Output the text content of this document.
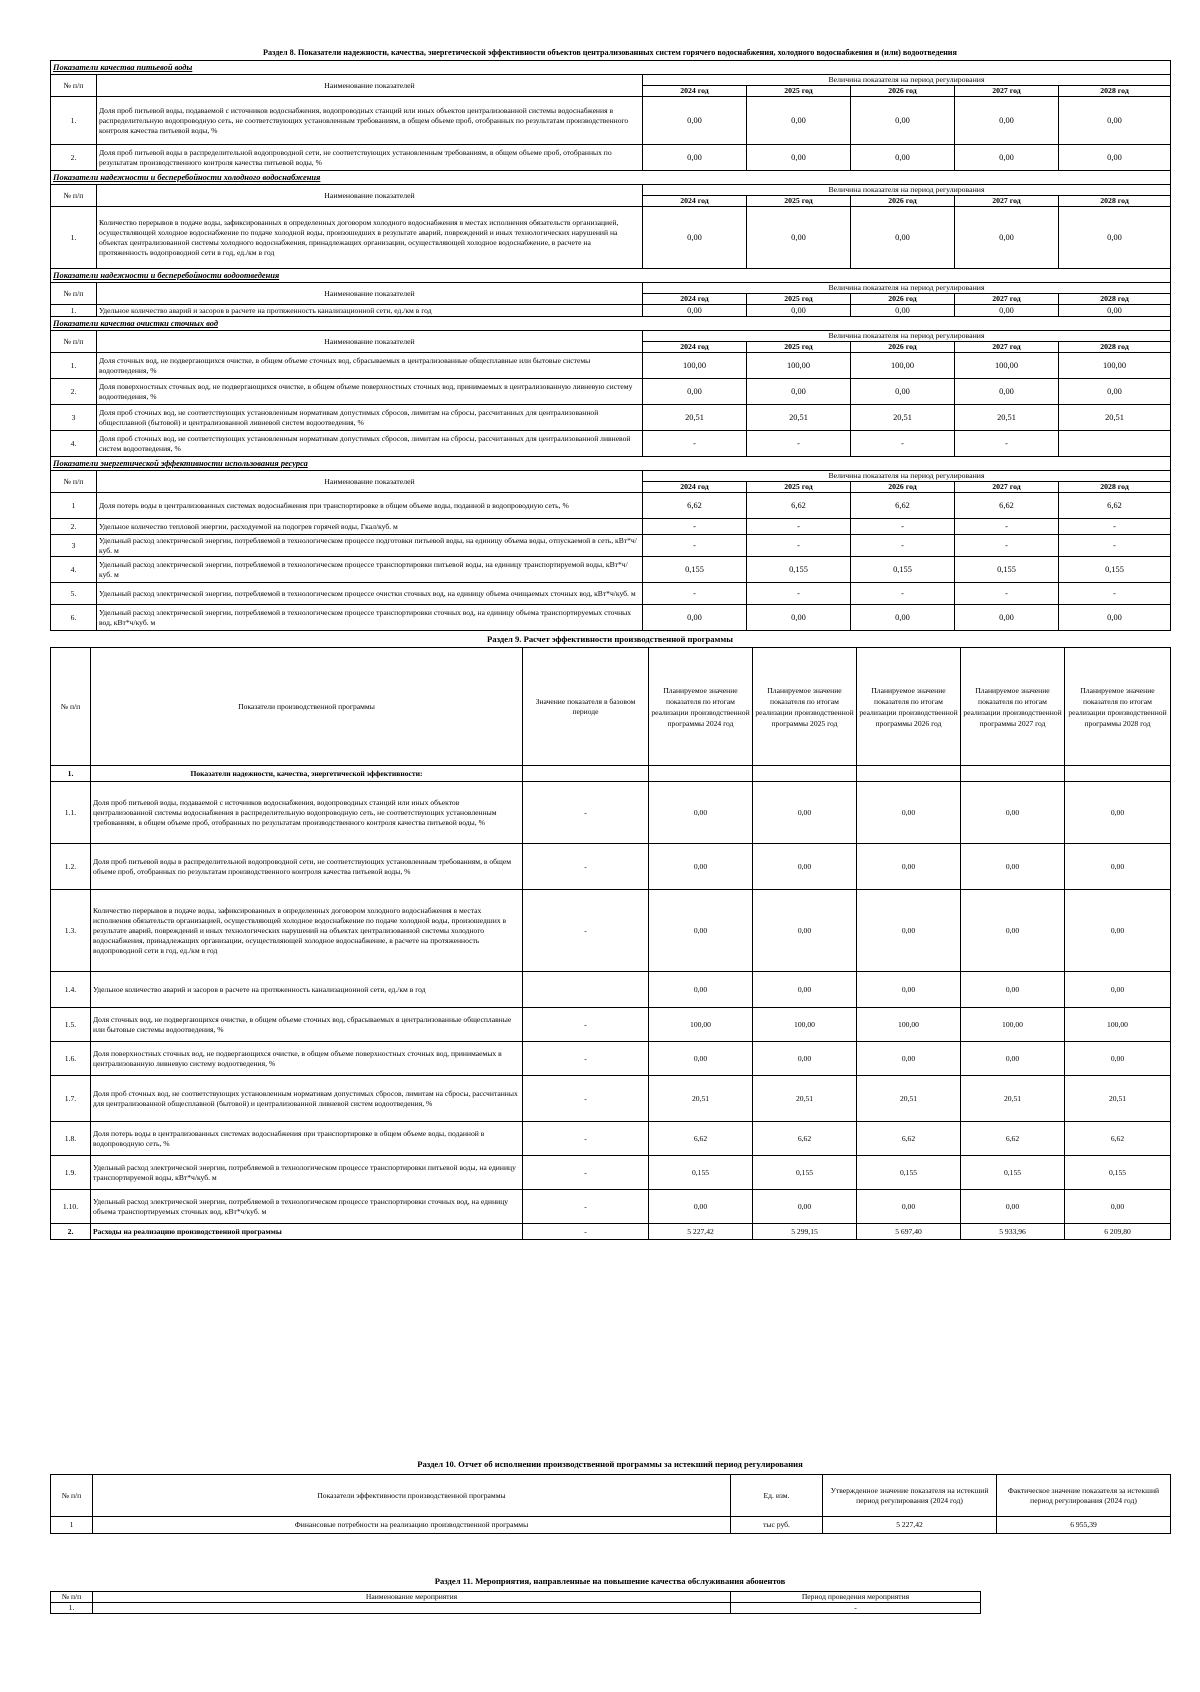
Раздел 8. Показатели надежности, качества, энергетической эффективности объектов централизованных систем горячего водоснабжения, холодного водоснабжения и (или) водоотведения
Показатели качества питьевой воды						
№ п/п	Наименование показателей	Величина показателя на период регулирования				
		2024 год	2025 год	2026 год	2027 год	2028 год
1.	Доля проб питьевой воды, подаваемой с источников водоснабжения, водопроводных станций или иных объектов централизованной системы водоснабжения в распределительную водопроводную сеть, не соответствующих установленным требованиям, в общем объеме проб, отобранных по результатам производственного контроля качества питьевой воды, %	0,00	0,00	0,00	0,00	0,00
2.	Доля проб питьевой воды в распределительной водопроводной сети, не соответствующих установленным требованиям, в общем объеме проб, отобранных по результатам производственного контроля качества питьевой воды, %	0,00	0,00	0,00	0,00	0,00
Показатели надежности и бесперебойности холодного водоснабжения						
№ п/п	Наименование показателей	Величина показателя на период регулирования				
		2024 год	2025 год	2026 год	2027 год	2028 год
1.	Количество перерывов в подаче воды, зафиксированных в определенных договором холодного водоснабжения в местах исполнения обязательств организацией, осуществляющей холодное водоснабжение по подаче холодной воды, произошедших в результате аварий, повреждений и иных технологических нарушений на объектах централизованной системы холодного водоснабжения, принадлежащих организации, осуществляющей холодное водоснабжение, в расчете на протяженность водопроводной сети в год, ед./км в год	0,00	0,00	0,00	0,00	0,00
Показатели надежности и бесперебойности водоотведения						
№ п/п	Наименование показателей	Величина показателя на период регулирования				
		2024 год	2025 год	2026 год	2027 год	2028 год
1.	Удельное количество аварий и засоров в расчете на протяженность канализационной сети, ед./км в год	0,00	0,00	0,00	0,00	0,00
Показатели качества очистки сточных вод						
№ п/п	Наименование показателей	Величина показателя на период регулирования				
		2024 год	2025 год	2026 год	2027 год	2028 год
1.	Доля сточных вод, не подвергающихся очистке, в общем объеме сточных вод, сбрасываемых в централизованные общесплавные или бытовые системы водоотведения, %	100,00	100,00	100,00	100,00	100,00
2.	Доля поверхностных сточных вод, не подвергающихся очистке, в общем объеме поверхностных сточных вод, принимаемых в централизованную ливневую систему водоотведения, %	0,00	0,00	0,00	0,00	0,00
3	Доля проб сточных вод, не соответствующих установленным нормативам допустимых сбросов, лимитам на сбросы, рассчитанных для централизованной общесплавной (бытовой) и централизованной ливневой систем водоотведения, %	20,51	20,51	20,51	20,51	20,51
4.	Доля проб сточных вод, не соответствующих установленным нормативам допустимых сбросов, лимитам на сбросы, рассчитанных для централизованной ливневой систем водоотведения, %	-	-	-	-	
Показатели энергетической эффективности использования ресурса						
№ п/п	Наименование показателей	Величина показателя на период регулирования				
		2024 год	2025 год	2026 год	2027 год	2028 год
1	Доля потерь воды в централизованных системах водоснабжения при транспортировке в общем объеме воды, поданной в водопроводную сеть, %	6,62	6,62	6,62	6,62	6,62
2.	Удельное количество тепловой энергии, расходуемой на подогрев горячей воды, Гкал/куб. м	-	-	-	-	-
3	Удельный расход электрической энергии, потребляемой в технологическом процессе подготовки питьевой воды, на единицу объема воды, отпускаемой в сеть, кВт*ч/куб. м	-	-	-	-	-
4.	Удельный расход электрической энергии, потребляемой в технологическом процессе транспортировки питьевой воды, на единицу транспортируемой воды, кВт*ч/куб. м	0,155	0,155	0,155	0,155	0,155
5.	Удельный расход электрической энергии, потребляемой в технологическом процессе очистки сточных вод, на единицу объема очищаемых сточных вод, кВт*ч/куб. м	-	-	-	-	-
6.	Удельный расход электрической энергии, потребляемой в технологическом процессе транспортировки сточных вод, на единицу объема транспортируемых сточных вод, кВт*ч/куб. м	0,00	0,00	0,00	0,00	0,00
Раздел 9. Расчет эффективности производственной программы
№ п/п	Показатели производственной программы	Значение показателя в базовом периоде	Планируемое значение показателя по итогам реализации производственной программы 2024 год	Планируемое значение показателя по итогам реализации производственной программы 2025 год	Планируемое значение показателя по итогам реализации производственной программы 2026 год	Планируемое значение показателя по итогам реализации производственной программы 2027 год	Планируемое значение показателя по итогам реализации производственной программы 2028 год
1.	Показатели надежности, качества, энергетической эффективности:						
1.1.	Доля проб питьевой воды, подаваемой с источников водоснабжения, водопроводных станций или иных объектов централизованной системы водоснабжения в распределительную водопроводную сеть, не соответствующих установленным требованиям, в общем объеме проб, отобранных по результатам производственного контроля качества питьевой воды, %	-	0,00	0,00	0,00	0,00	0,00
1.2.	Доля проб питьевой воды в распределительной водопроводной сети, не соответствующих установленным требованиям, в общем объеме проб, отобранных по результатам производственного контроля качества питьевой воды, %	-	0,00	0,00	0,00	0,00	0,00
1.3.	Количество перерывов в подаче воды, зафиксированных в определенных договором холодного водоснабжения в местах исполнения обязательств организацией, осуществляющей холодное водоснабжение по подаче холодной воды, произошедших в результате аварий, повреждений и иных технологических нарушений на объектах централизованной системы холодного водоснабжения, принадлежащих организации, осуществляющей холодное водоснабжение, в расчете на протяженность водопроводной сети в год, ед./км в год	-	0,00	0,00	0,00	0,00	0,00
1.4.	Удельное количество аварий и засоров в расчете на протяженность канализационной сети, ед./км в год		0,00	0,00	0,00	0,00	0,00
1.5.	Доля сточных вод, не подвергающихся очистке, в общем объеме сточных вод, сбрасываемых в централизованные общесплавные или бытовые системы водоотведения, %	-	100,00	100,00	100,00	100,00	100,00
1.6.	Доля поверхностных сточных вод, не подвергающихся очистке, в общем объеме поверхностных сточных вод, принимаемых в централизованную ливневую систему водоотведения, %	-	0,00	0,00	0,00	0,00	0,00
1.7.	Доля проб сточных вод, не соответствующих установленным нормативам допустимых сбросов, лимитам на сбросы, рассчитанных для централизованной общесплавной (бытовой) и централизованной ливневой систем водоотведения, %	-	20,51	20,51	20,51	20,51	20,51
1.8.	Доля потерь воды в централизованных системах водоснабжения при транспортировке в общем объеме воды, поданной в водопроводную сеть, %	-	6,62	6,62	6,62	6,62	6,62
1.9.	Удельный расход электрической энергии, потребляемой в технологическом процессе транспортировки питьевой воды, на единицу транспортируемой воды, кВт*ч/куб. м	-	0,155	0,155	0,155	0,155	0,155
1.10.	Удельный расход электрической энергии, потребляемой в технологическом процессе транспортировки сточных вод, на единицу объема транспортируемых сточных вод, кВт*ч/куб. м	-	0,00	0,00	0,00	0,00	0,00
2.	Расходы на реализацию производственной программы	-	5 227,42	5 299,15	5 697,40	5 933,96	6 209,80
Раздел 10. Отчет об исполнении производственной программы за истекший период регулирования
№ п/п	Показатели эффективности производственной программы	Ед. изм.	Утвержденное значение показателя на истекший период регулирования (2024 год)	Фактическое значение показателя за истекший период регулирования (2024 год)
1	Финансовые потребности на реализацию производственной программы	тыс руб.	5 227,42	6 955,39
Раздел 11. Мероприятия, направленные на повышение качества обслуживания абонентов
№ п/п	Наименование мероприятия	Период проведения мероприятия
1.		-
